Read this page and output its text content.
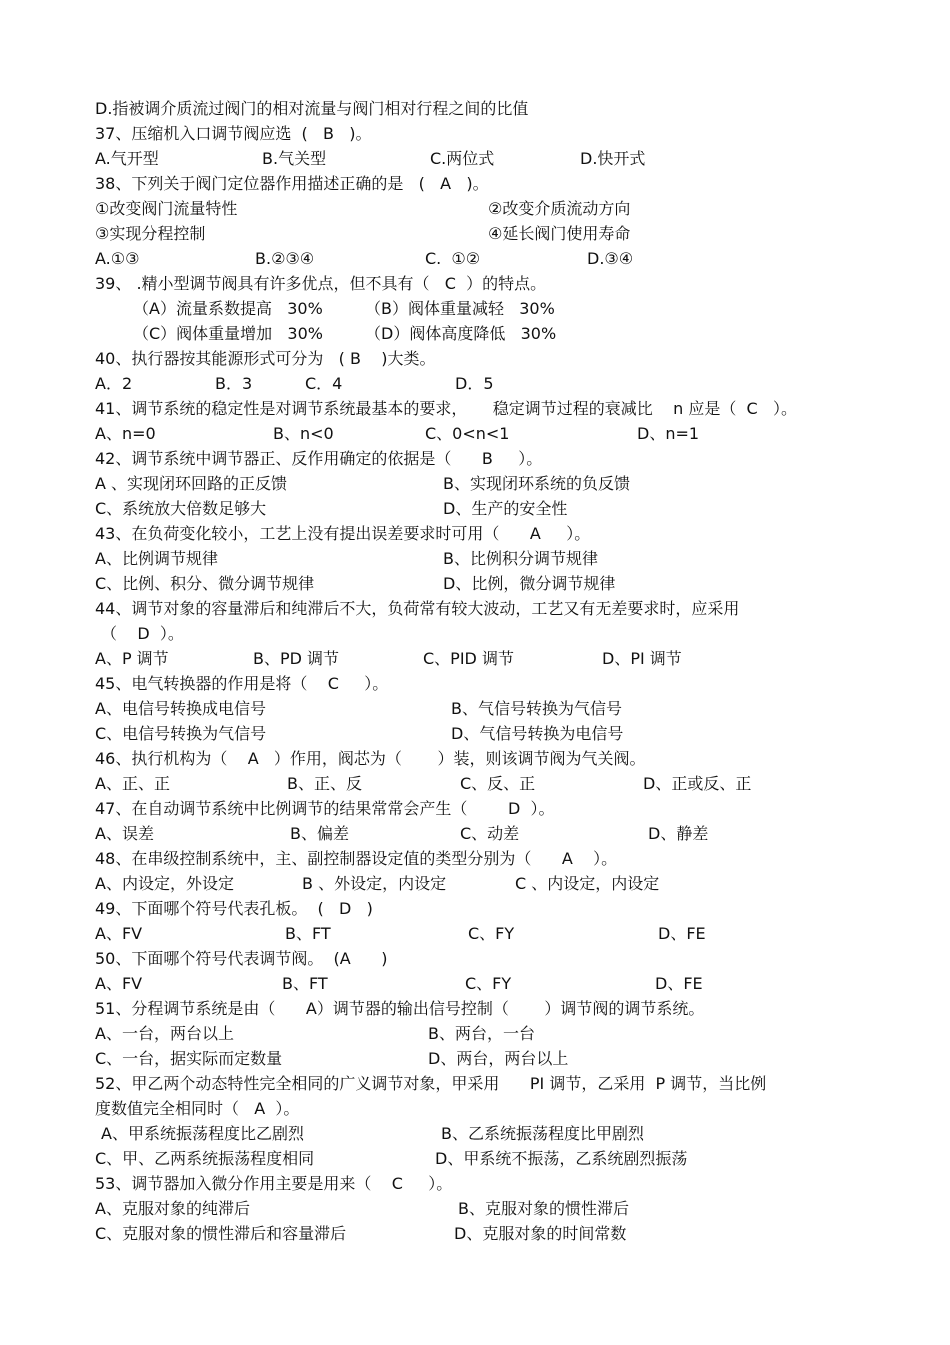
D.指被调介质流过阀门的相对流量与阀门相对行程之间的比值
37、压缩机入口调节阀应选  (   B   )。
A.气开型	B.气关型	C.两位式	D.快开式
38、下列关于阀门定位器作用描述正确的是   (   A   )。
①改变阀门流量特性	②改变介质流动方向
③实现分程控制	④延长阀门使用寿命
A.①③	B.②③④	C.  ①②	D.③④
39、 .精小型调节阀具有许多优点，但不具有（   C  ）的特点。
（A）流量系数提高   30%	（B）阀体重量减轻   30%
（C）阀体重量增加   30%	（D）阀体高度降低   30%
40、执行器按其能源形式可分为   ( B    )大类。
A．2	B．3	C．4	D．5
41、调节系统的稳定性是对调节系统最基本的要求，     稳定调节过程的衰减比    n 应是（  C   ）。
A、n=0	B、n<0	C、0<n<1	D、n=1
42、调节系统中调节器正、反作用确定的依据是（      B     ）。
A 、实现闭环回路的正反馈	B、实现闭环系统的负反馈
C、系统放大倍数足够大	D、生产的安全性
43、在负荷变化较小，工艺上没有提出误差要求时可用（      A     ）。
A、比例调节规律	B、比例积分调节规律
C、比例、积分、微分调节规律	D、比例，微分调节规律
44、调节对象的容量滞后和纯滞后不大，负荷常有较大波动，工艺又有无差要求时，应采用
（    D  ）。
A、P 调节	B、PD 调节	C、PID 调节	D、PI 调节
45、电气转换器的作用是将（    C     ）。
A、电信号转换成电信号	B、气信号转换为气信号
C、电信号转换为气信号	D、气信号转换为电信号
46、执行机构为（    A   ）作用，阀芯为（       ）装，则该调节阀为气关阀。
A、正、正	B、正、反	C、反、正	D、正或反、正
47、在自动调节系统中比例调节的结果常常会产生（        D  ）。
A、误差	B、偏差	C、动差	D、静差
48、在串级控制系统中，主、副控制器设定值的类型分别为（      A    ）。
A、内设定，外设定	B 、外设定，内设定	C 、内设定，内设定
49、下面哪个符号代表孔板。  (   D   )
A、FV	B、FT	C、FY	D、FE
50、下面哪个符号代表调节阀。  (A      )
A、FV	B、FT	C、FY	D、FE
51、分程调节系统是由（      A）调节器的输出信号控制（       ）调节阀的调节系统。
A、一台，两台以上	B、两台，一台
C、一台，据实际而定数量	D、两台，两台以上
52、甲乙两个动态特性完全相同的广义调节对象，甲采用      PI 调节，乙采用  P 调节，当比例
度数值完全相同时（   A  ）。
A、甲系统振荡程度比乙剧烈	B、乙系统振荡程度比甲剧烈
C、甲、乙两系统振荡程度相同	D、甲系统不振荡，乙系统剧烈振荡
53、调节器加入微分作用主要是用来（    C     ）。
A、克服对象的纯滞后	B、克服对象的惯性滞后
C、克服对象的惯性滞后和容量滞后	D、克服对象的时间常数
